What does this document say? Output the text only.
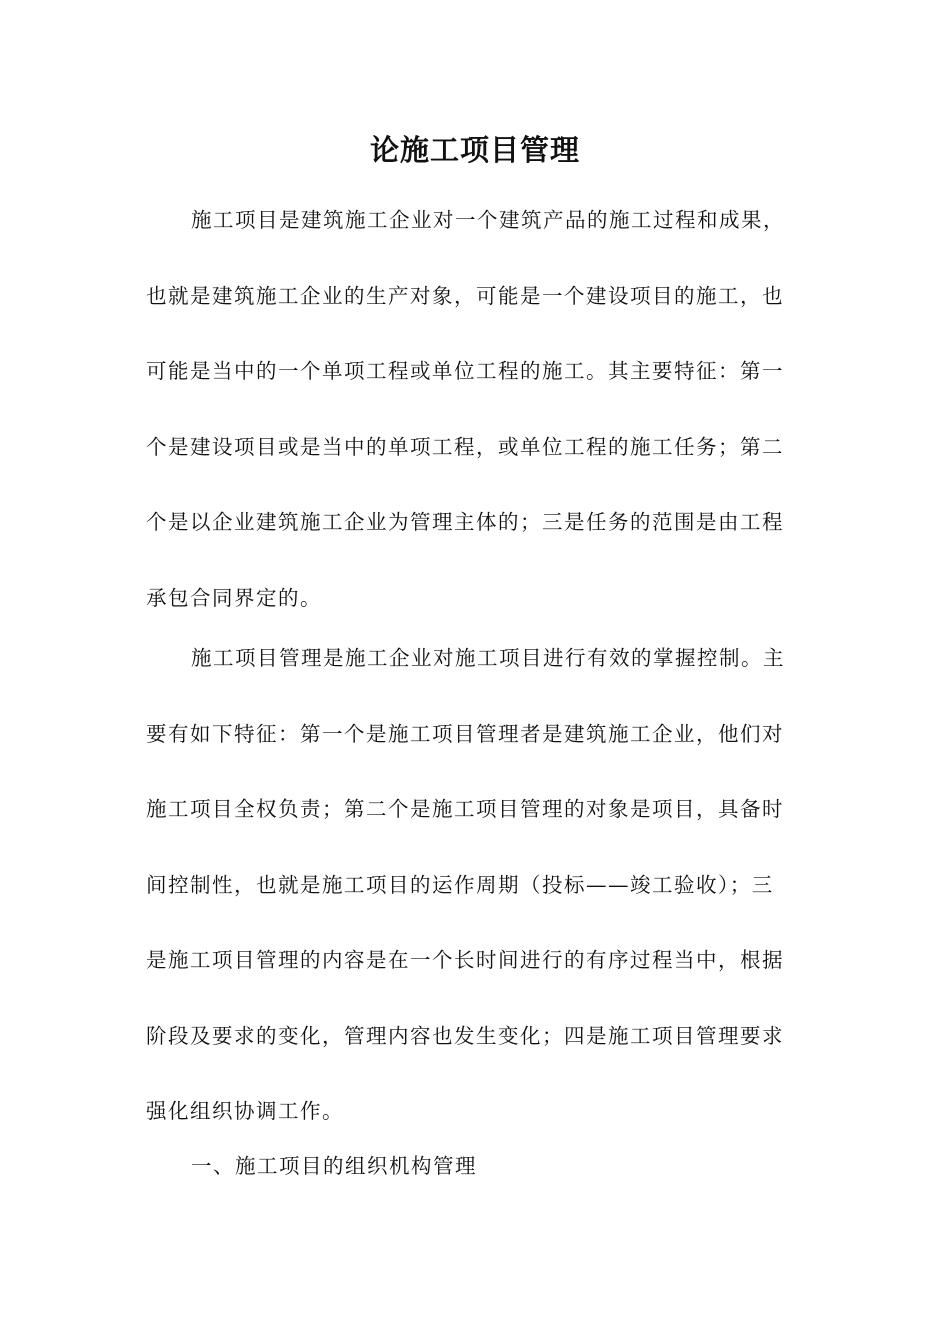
论施工项目管理
施工项目是建筑施工企业对一个建筑产品的施工过程和成果，
也就是建筑施工企业的生产对象，可能是一个建设项目的施工，也
可能是当中的一个单项工程或单位工程的施工。其主要特征：第一
个是建设项目或是当中的单项工程，或单位工程的施工任务；第二
个是以企业建筑施工企业为管理主体的；三是任务的范围是由工程
承包合同界定的。
施工项目管理是施工企业对施工项目进行有效的掌握控制。主
要有如下特征：第一个是施工项目管理者是建筑施工企业，他们对
施工项目全权负责；第二个是施工项目管理的对象是项目，具备时
间控制性，也就是施工项目的运作周期（投标——竣工验收）；三
是施工项目管理的内容是在一个长时间进行的有序过程当中，根据
阶段及要求的变化，管理内容也发生变化；四是施工项目管理要求
强化组织协调工作。
一、施工项目的组织机构管理
